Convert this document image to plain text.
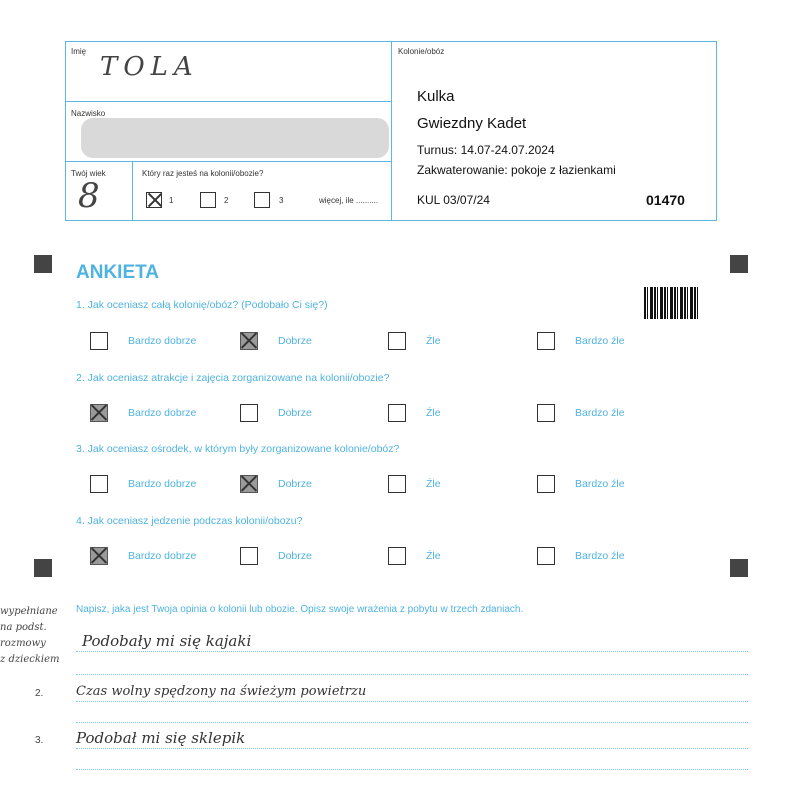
Imię
TOLA
Nazwisko
Twój wiek
8
Który raz jesteś na kolonii/obozie?
1	2	3	więcej, ile ..........
Kolonie/obóz
Kulka
Gwiezdny Kadet
Turnus: 14.07-24.07.2024
Zakwaterowanie: pokoje z łazienkami
KUL 03/07/24	01470
ANKIETA
1. Jak oceniasz całą kolonię/obóz? (Podobało Ci się?)
Bardzo dobrze	Dobrze	Źle	Bardzo źle
2. Jak oceniasz atrakcje i zajęcia zorganizowane na kolonii/obozie?
Bardzo dobrze	Dobrze	Źle	Bardzo źle
3. Jak oceniasz ośrodek, w którym były zorganizowane kolonie/obóz?
Bardzo dobrze	Dobrze	Źle	Bardzo źle
4. Jak oceniasz jedzenie podczas kolonii/obozu?
Bardzo dobrze	Dobrze	Źle	Bardzo źle
Napisz, jaka jest Twoja opinia o kolonii lub obozie. Opisz swoje wrażenia z pobytu w trzech zdaniach.
wypełniane
na podst.
rozmowy
z dzieckiem
Podobały mi się kajaki
2.	Czas wolny spędzony na świeżym powietrzu
3. Podobał mi się sklepik
